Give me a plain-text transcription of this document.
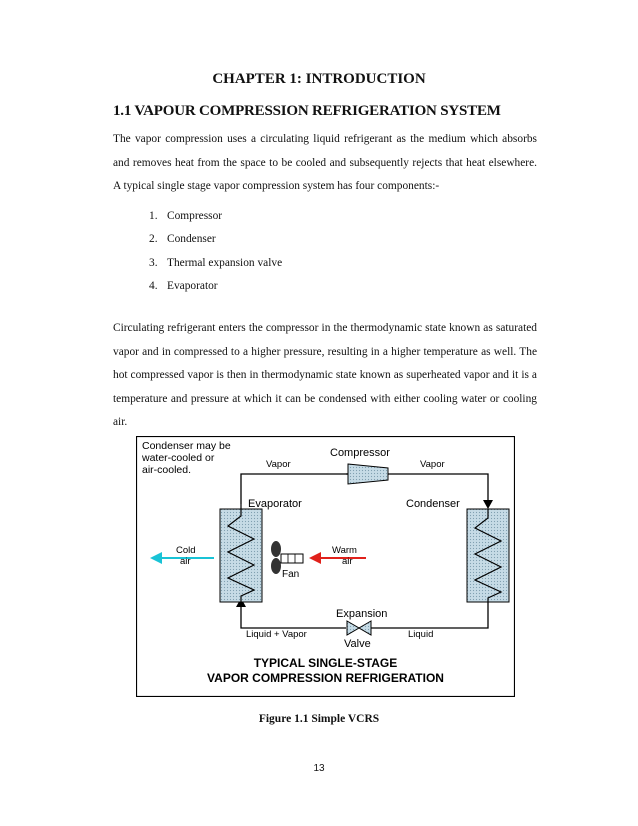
CHAPTER 1: INTRODUCTION
1.1 VAPOUR COMPRESSION REFRIGERATION SYSTEM
The vapor compression uses a circulating liquid refrigerant as the medium which absorbs and removes heat from the space to be cooled and subsequently rejects that heat elsewhere. A typical single stage vapor compression system has four components:-
1. Compressor
2. Condenser
3. Thermal expansion valve
4. Evaporator
Circulating refrigerant enters the compressor in the thermodynamic state known as saturated vapor and in compressed to a higher pressure, resulting in a higher temperature as well. The hot compressed vapor is then in thermodynamic state known as superheated vapor and it is a temperature and pressure at which it can be condensed with either cooling water or cooling air.
Condenser may be
water-cooled or
air-cooled.
Compressor
Vapor	Vapor
Evaporator	Condenser
Cold
air
Fan
Warm
air
Expansion
Valve
Liquid + Vapor	Liquid
TYPICAL SINGLE-STAGE
VAPOR COMPRESSION REFRIGERATION
Figure 1.1 Simple VCRS
13
